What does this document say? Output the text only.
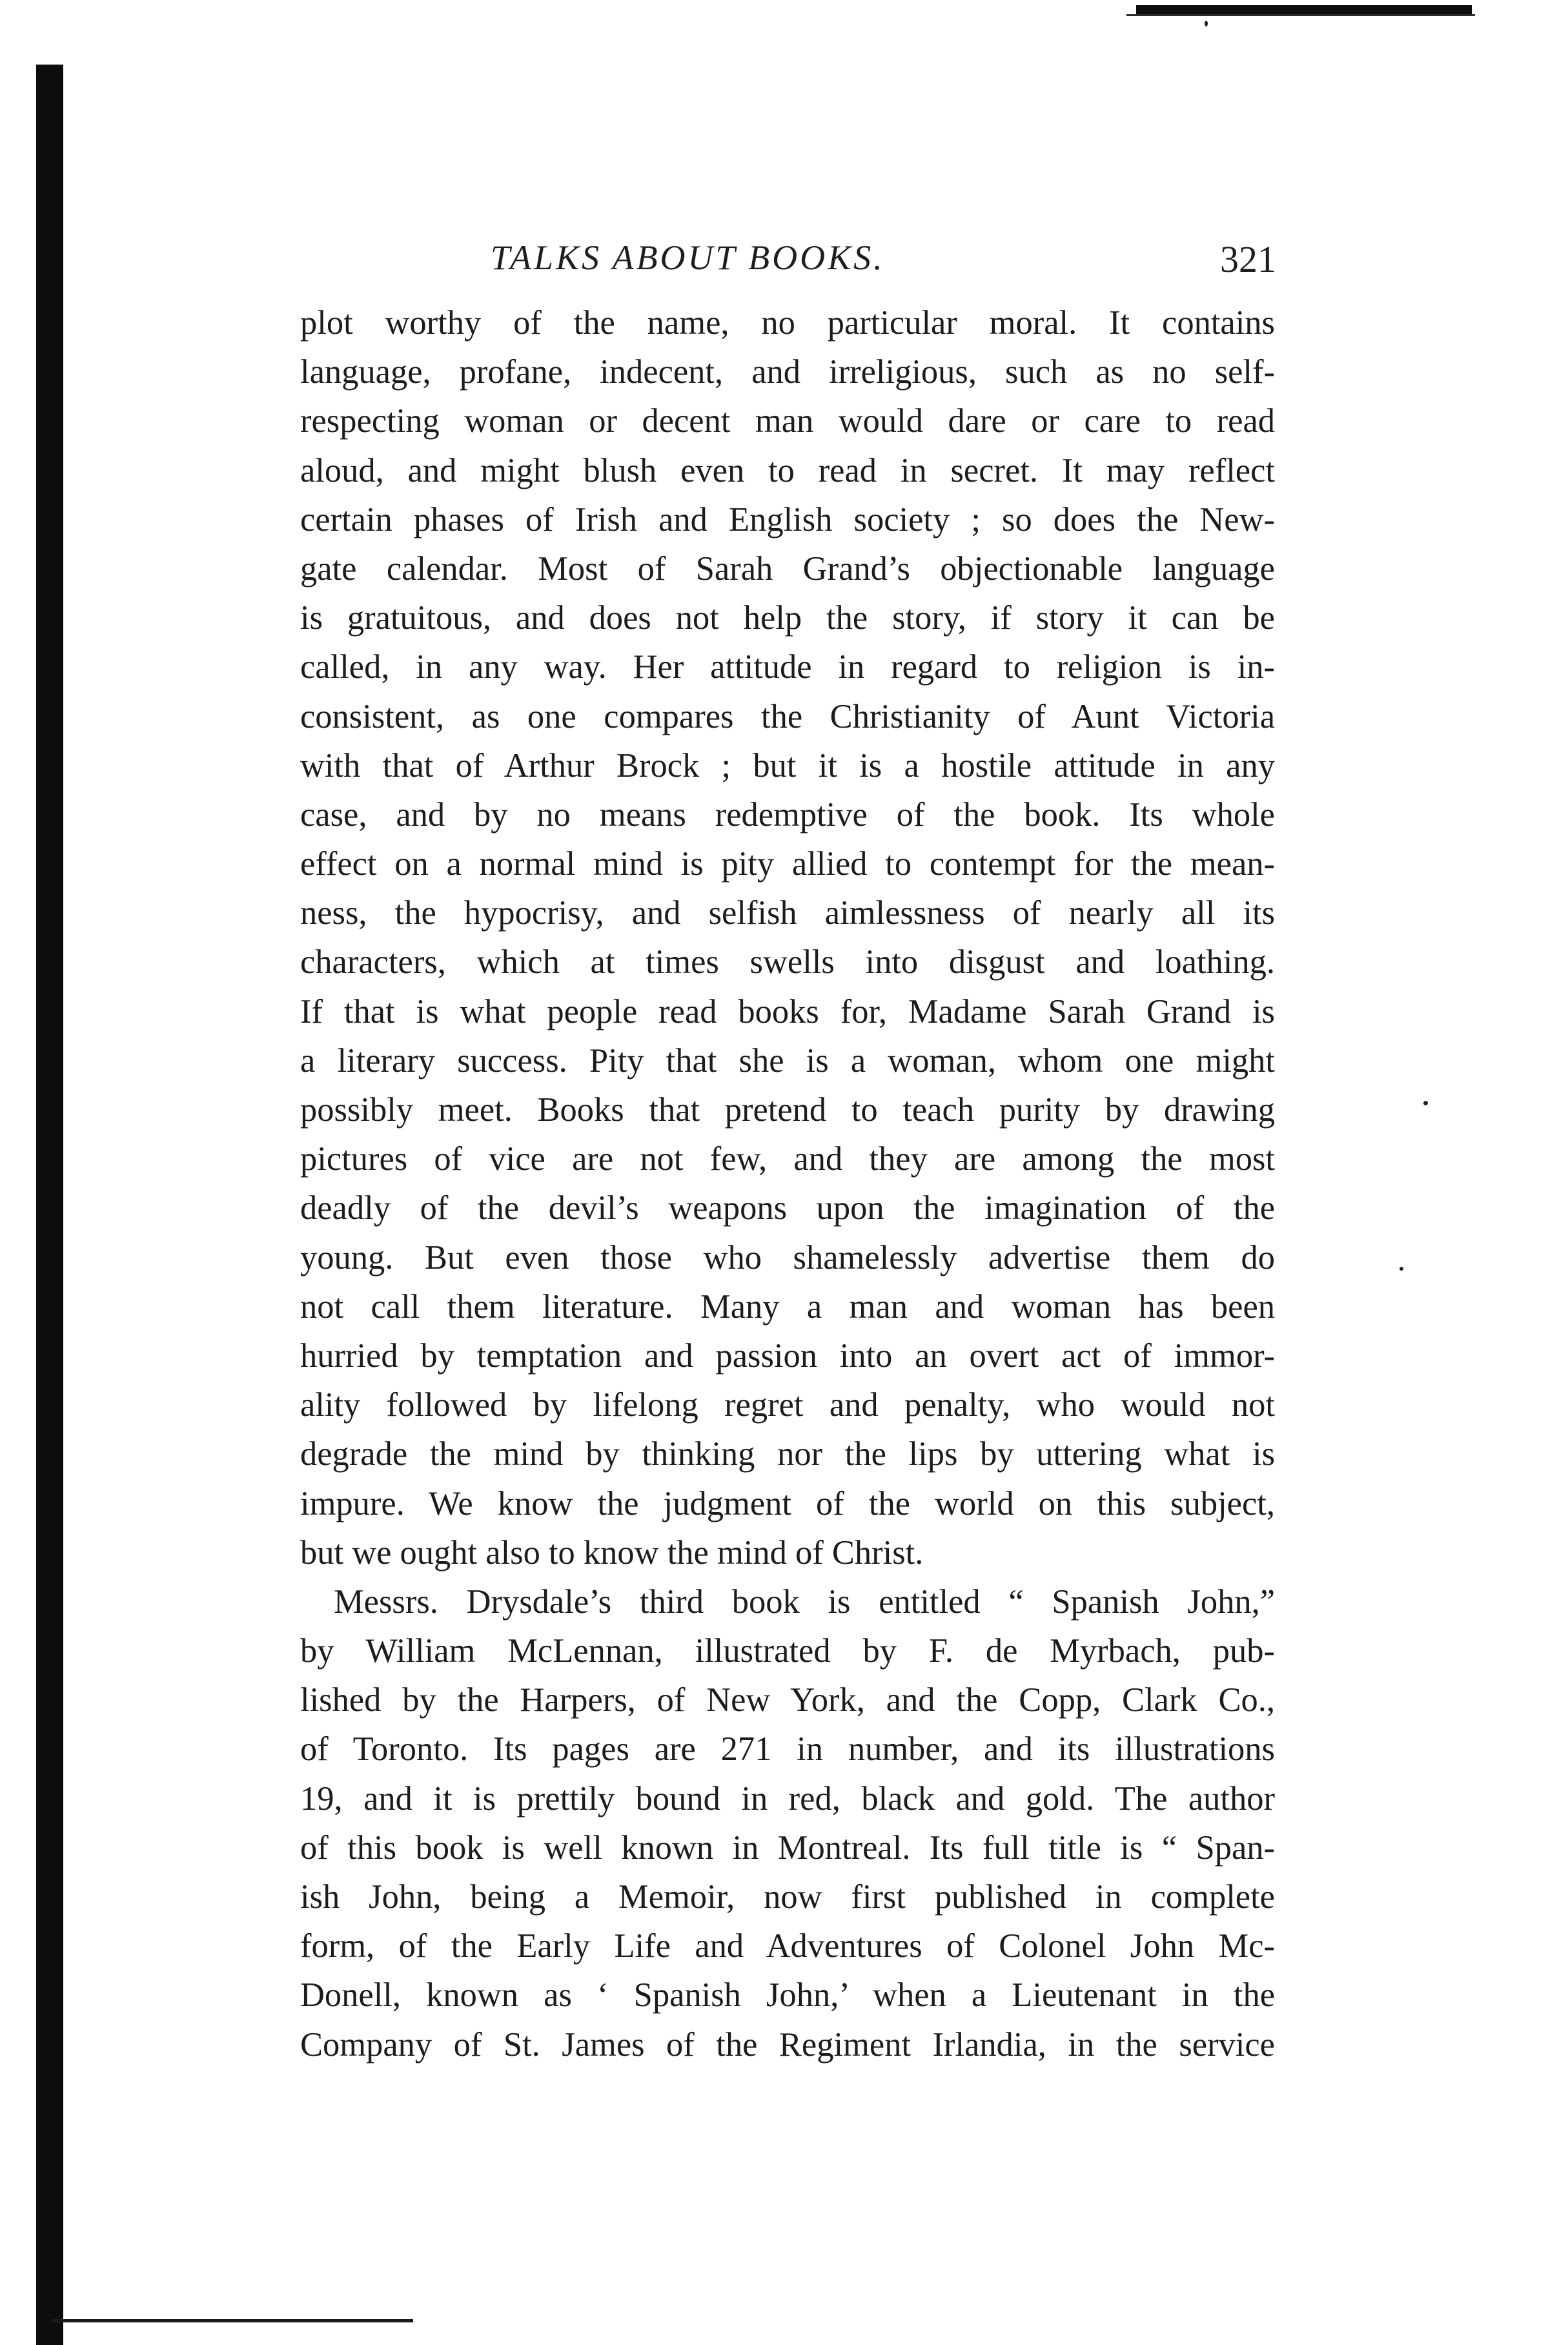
TALKS ABOUT BOOKS.	321
plot worthy of the name, no particular moral. It contains
language, profane, indecent, and irreligious, such as no self-
respecting woman or decent man would dare or care to read
aloud, and might blush even to read in secret. It may reflect
certain phases of Irish and English society ; so does the New-
gate calendar. Most of Sarah Grand’s objectionable language
is gratuitous, and does not help the story, if story it can be
called, in any way. Her attitude in regard to religion is in-
consistent, as one compares the Christianity of Aunt Victoria
with that of Arthur Brock ; but it is a hostile attitude in any
case, and by no means redemptive of the book. Its whole
effect on a normal mind is pity allied to contempt for the mean-
ness, the hypocrisy, and selfish aimlessness of nearly all its
characters, which at times swells into disgust and loathing.
If that is what people read books for, Madame Sarah Grand is
a literary success. Pity that she is a woman, whom one might
possibly meet. Books that pretend to teach purity by drawing
pictures of vice are not few, and they are among the most
deadly of the devil’s weapons upon the imagination of the
young. But even those who shamelessly advertise them do
not call them literature. Many a man and woman has been
hurried by temptation and passion into an overt act of immor-
ality followed by lifelong regret and penalty, who would not
degrade the mind by thinking nor the lips by uttering what is
impure. We know the judgment of the world on this subject,
but we ought also to know the mind of Christ.
Messrs. Drysdale’s third book is entitled “ Spanish John,”
by William McLennan, illustrated by F. de Myrbach, pub-
lished by the Harpers, of New York, and the Copp, Clark Co.,
of Toronto. Its pages are 271 in number, and its illustrations
19, and it is prettily bound in red, black and gold. The author
of this book is well known in Montreal. Its full title is “ Span-
ish John, being a Memoir, now first published in complete
form, of the Early Life and Adventures of Colonel John Mc-
Donell, known as ‘ Spanish John,’ when a Lieutenant in the
Company of St. James of the Regiment Irlandia, in the service
